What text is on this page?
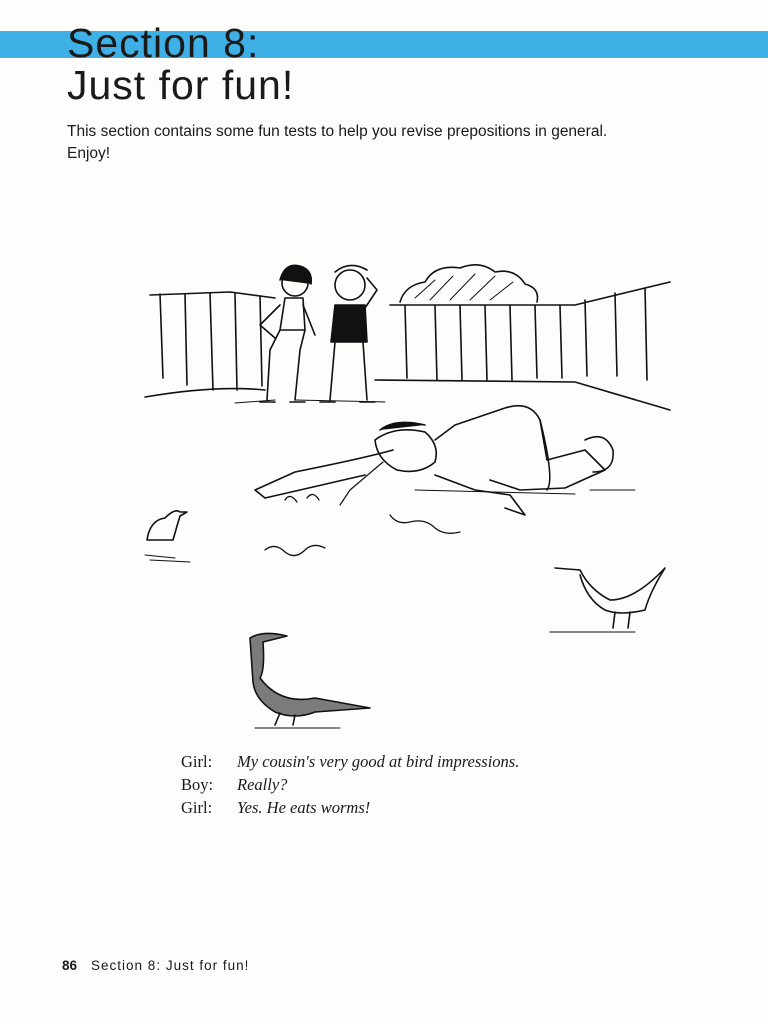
Section 8:
Just for fun!

This section contains some fun tests to help you revise prepositions in general.
Enjoy!

Girl:	My cousin's very good at bird impressions.
Boy:	Really?
Girl:	Yes. He eats worms!
86 Section 8: Just for fun!
